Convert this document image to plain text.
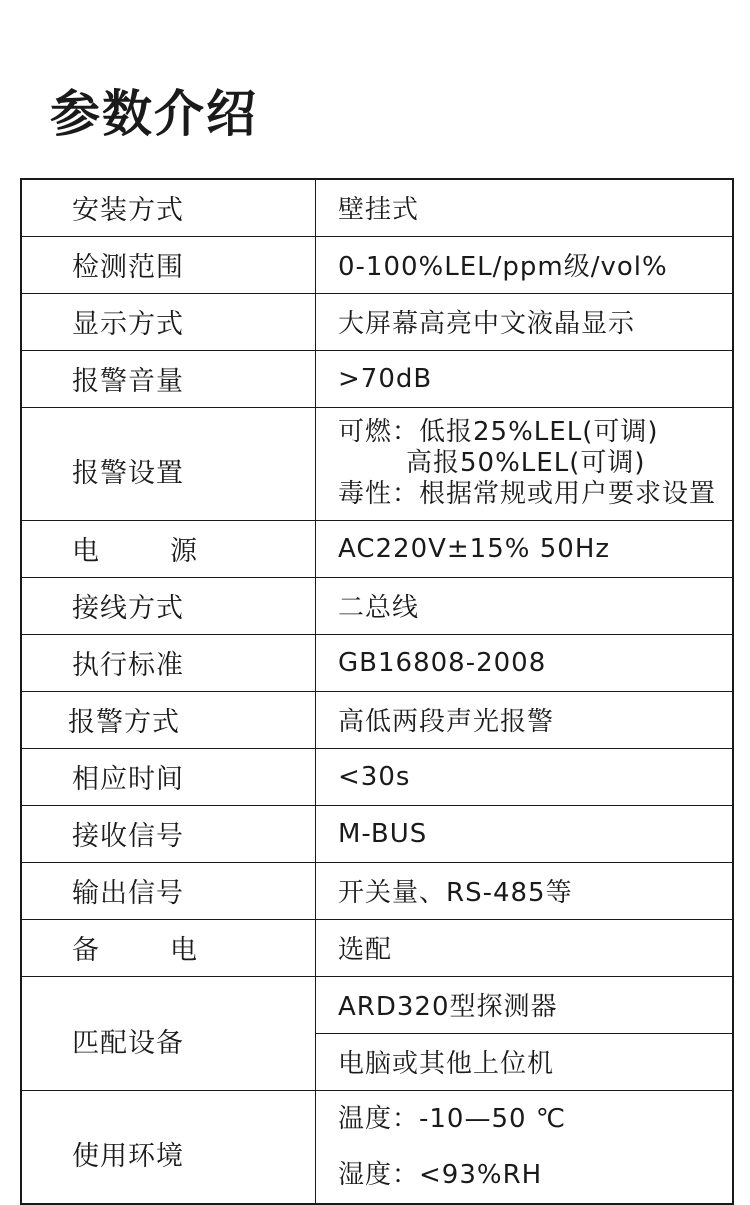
参数介绍
安装方式	壁挂式
检测范围	0-100%LEL/ppm级/vol%
显示方式	大屏幕高亮中文液晶显示
报警音量	>70dB
报警设置	可燃：低报25%LEL(可调)
高报50%LEL(可调)
毒性：根据常规或用户要求设置

电 源	AC220V±15% 50Hz
接线方式	二总线
执行标准	GB16808-2008
报警方式	高低两段声光报警
相应时间	<30s
接收信号	M-BUS
输出信号	开关量、RS-485等
备 电	选配
匹配设备	ARD320型探测器
	电脑或其他上位机
使用环境	温度：-10—50 ℃
湿度：<93%RH
